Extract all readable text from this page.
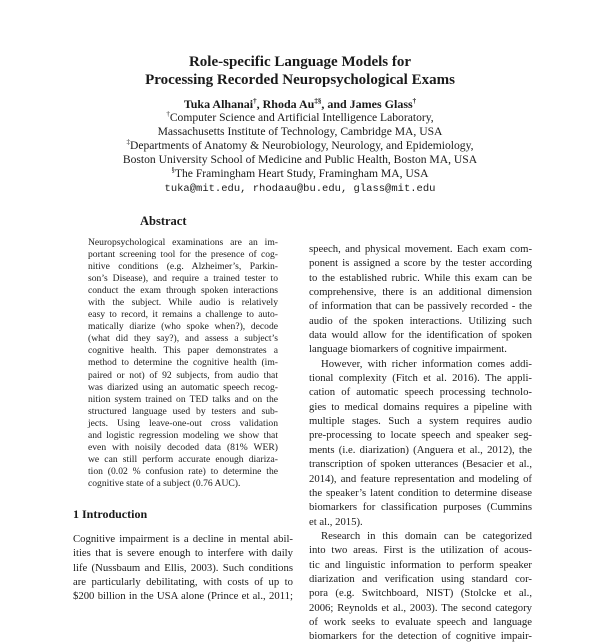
Role-specific Language Models for
Processing Recorded Neuropsychological Exams
Tuka Alhanai†, Rhoda Au‡§, and James Glass†
†Computer Science and Artificial Intelligence Laboratory,
Massachusetts Institute of Technology, Cambridge MA, USA
‡Departments of Anatomy & Neurobiology, Neurology, and Epidemiology,
Boston University School of Medicine and Public Health, Boston MA, USA
§The Framingham Heart Study, Framingham MA, USA
tuka@mit.edu, rhodaau@bu.edu, glass@mit.edu
Abstract
Neuropsychological examinations are an im-
portant screening tool for the presence of cog-
nitive conditions (e.g. Alzheimer’s, Parkin-
son’s Disease), and require a trained tester to
conduct the exam through spoken interactions
with the subject. While audio is relatively
easy to record, it remains a challenge to auto-
matically diarize (who spoke when?), decode
(what did they say?), and assess a subject’s
cognitive health. This paper demonstrates a
method to determine the cognitive health (im-
paired or not) of 92 subjects, from audio that
was diarized using an automatic speech recog-
nition system trained on TED talks and on the
structured language used by testers and sub-
jects. Using leave-one-out cross validation
and logistic regression modeling we show that
even with noisily decoded data (81% WER)
we can still perform accurate enough diariza-
tion (0.02 % confusion rate) to determine the
cognitive state of a subject (0.76 AUC).
speech, and physical movement. Each exam com-
ponent is assigned a score by the tester according
to the established rubric. While this exam can be
comprehensive, there is an additional dimension
of information that can be passively recorded - the
audio of the spoken interactions. Utilizing such
data would allow for the identification of spoken
language biomarkers of cognitive impairment.
However, with richer information comes addi-
tional complexity (Fitch et al. 2016). The appli-
cation of automatic speech processing technolo-
gies to medical domains requires a pipeline with
multiple stages. Such a system requires audio
pre-processing to locate speech and speaker seg-
ments (i.e. diarization) (Anguera et al., 2012), the
transcription of spoken utterances (Besacier et al.,
2014), and feature representation and modeling of
the speaker’s latent condition to determine disease
biomarkers for classification purposes (Cummins
et al., 2015).
Research in this domain can be categorized
into two areas. First is the utilization of acous-
tic and linguistic information to perform speaker
diarization and verification using standard cor-
pora (e.g. Switchboard, NIST) (Stolcke et al.,
2006; Reynolds et al., 2003). The second category
of work seeks to evaluate speech and language
biomarkers for the detection of cognitive impair-
1 Introduction
Cognitive impairment is a decline in mental abil-
ities that is severe enough to interfere with daily
life (Nussbaum and Ellis, 2003). Such conditions
are particularly debilitating, with costs of up to
$200 billion in the USA alone (Prince et al., 2011;
